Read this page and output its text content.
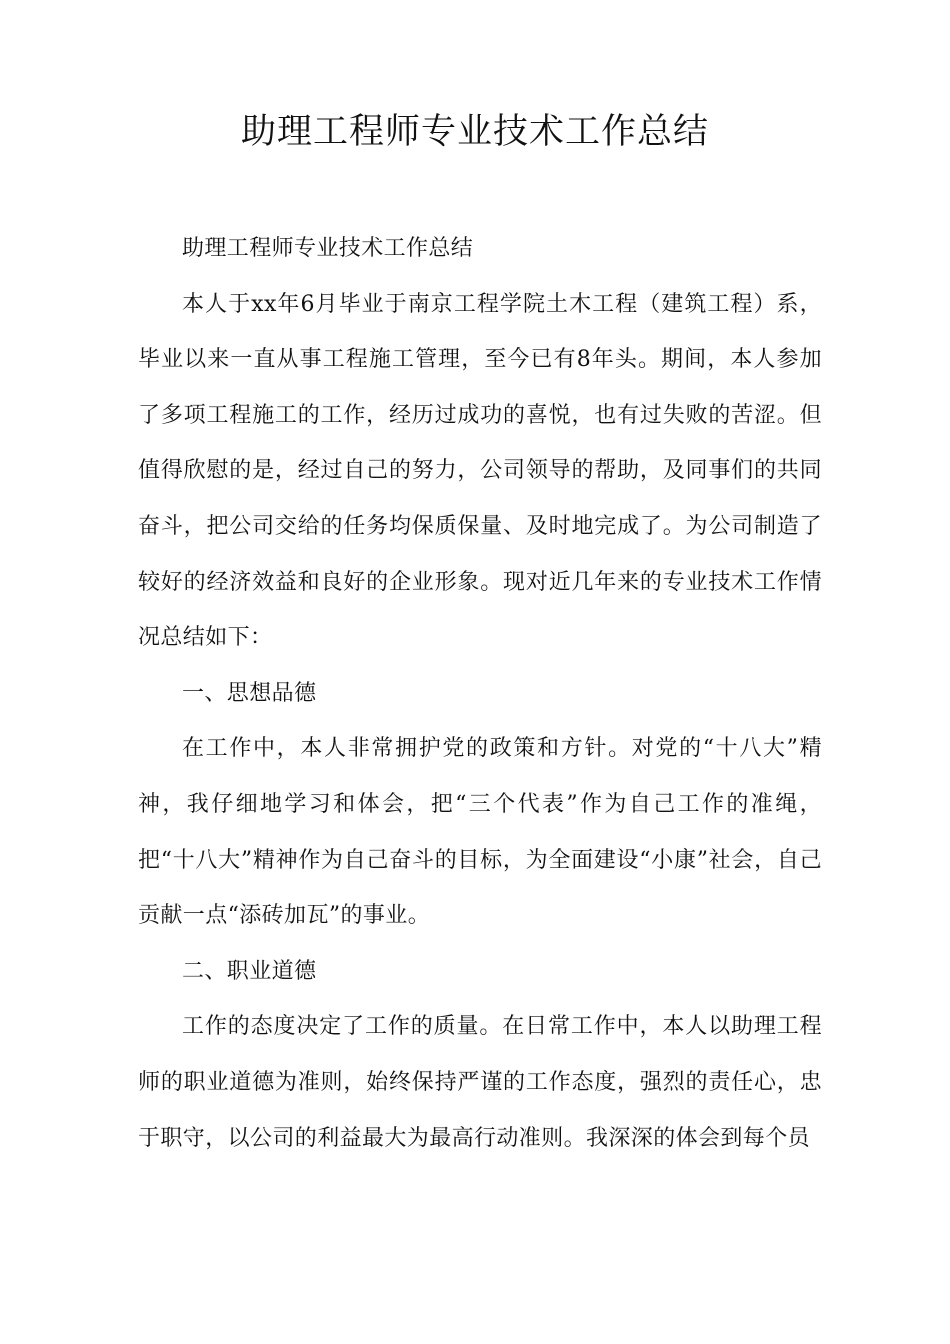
助理工程师专业技术工作总结

助理工程师专业技术工作总结

本人于xx年6月毕业于南京工程学院土木工程（建筑工程）系，毕业以来一直从事工程施工管理，至今已有8年头。期间，本人参加了多项工程施工的工作，经历过成功的喜悦，也有过失败的苦涩。但值得欣慰的是，经过自己的努力，公司领导的帮助，及同事们的共同奋斗，把公司交给的任务均保质保量、及时地完成了。为公司制造了较好的经济效益和良好的企业形象。现对近几年来的专业技术工作情况总结如下：

一、思想品德

在工作中，本人非常拥护党的政策和方针。对党的“十八大”精神，我仔细地学习和体会，把“三个代表”作为自己工作的准绳，把“十八大”精神作为自己奋斗的目标，为全面建设“小康”社会，自己贡献一点“添砖加瓦”的事业。

二、职业道德

工作的态度决定了工作的质量。在日常工作中，本人以助理工程师的职业道德为准则，始终保持严谨的工作态度，强烈的责任心，忠于职守，以公司的利益最大为最高行动准则。我深深的体会到每个员
